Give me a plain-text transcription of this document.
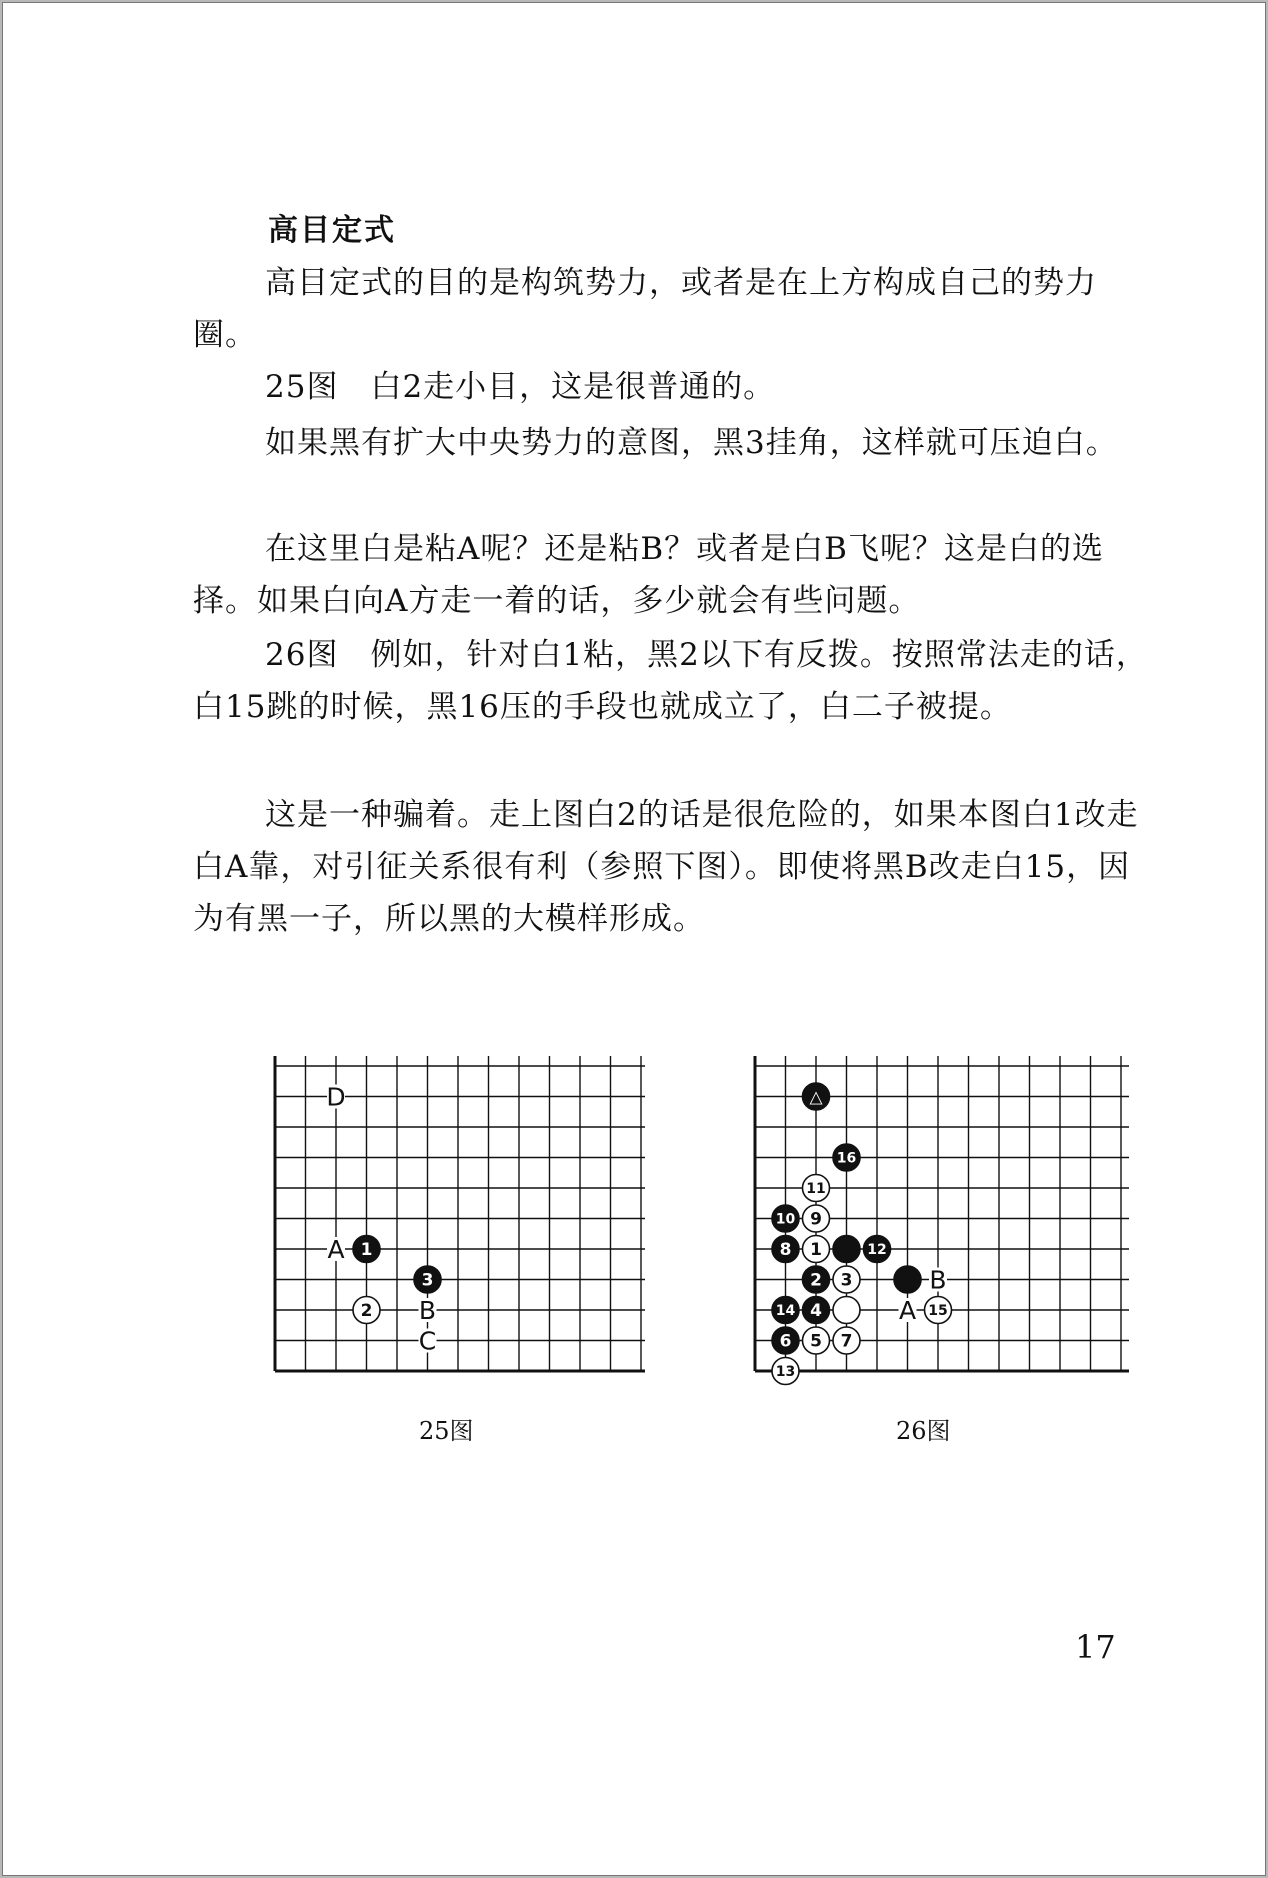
高目定式

高目定式的目的是构筑势力，或者是在上方构成自己的势力圈。

25图　白2走小目，这是很普通的。

如果黑有扩大中央势力的意图，黑3挂角，这样就可压迫白。

在这里白是粘A呢？还是粘B？或者是白B飞呢？这是白的选择。如果白向A方走一着的话，多少就会有些问题。

26图　例如，针对白1粘，黑2以下有反拨。按照常法走的话，白15跳的时候，黑16压的手段也就成立了，白二子被提。

这是一种骗着。走上图白2的话是很危险的，如果本图白1改走白A靠，对引征关系很有利（参照下图）。即使将黑B改走白15，因为有黑一子，所以黑的大模样形成。

D
A
B
C
1
2
3	B
A
△
16
11
10 9
8 1	12
2 3
14 4	15
6 5 7
13
25图	26图
17
